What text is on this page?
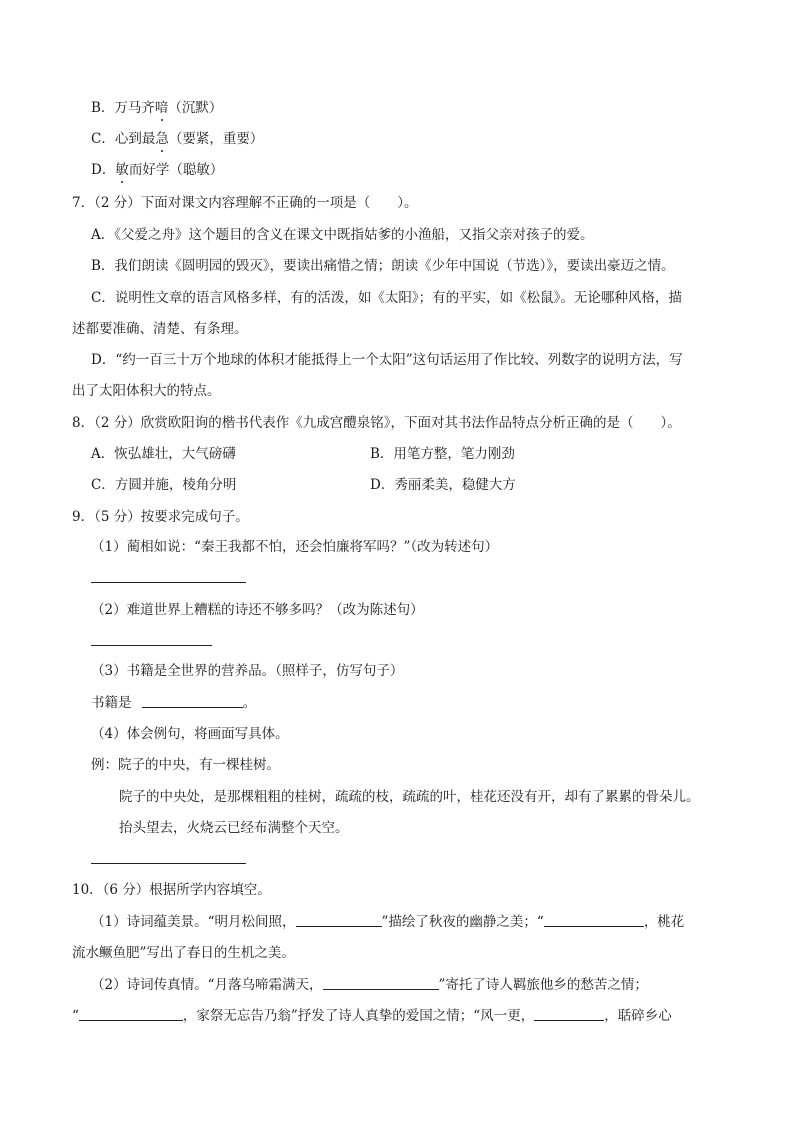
B．万马齐喑（沉默）
C．心到最急（要紧，重要）
D．敏而好学（聪敏）
7．（2 分）下面对课文内容理解不正确的一项是（　　）。
A．《父爱之舟》这个题目的含义在课文中既指姑爹的小渔船，又指父亲对孩子的爱。
B．我们朗读《圆明园的毁灭》，要读出痛惜之情；朗读《少年中国说（节选）》，要读出豪迈之情。
C．说明性文章的语言风格多样，有的活泼，如《太阳》；有的平实，如《松鼠》。无论哪种风格，描
述都要准确、清楚、有条理。
D．“约一百三十万个地球的体积才能抵得上一个太阳”这句话运用了作比较、列数字的说明方法，写
出了太阳体积大的特点。
8．（2 分）欣赏欧阳询的楷书代表作《九成宫醴泉铭》，下面对其书法作品特点分析正确的是（　　）。
A．恢弘雄壮，大气磅礴	B．用笔方整，笔力刚劲
C．方圆并施，棱角分明	D．秀丽柔美，稳健大方
9．（5 分）按要求完成句子。
（1）蔺相如说：“秦王我都不怕，还会怕廉将军吗？”（改为转述句）
（2）难道世界上糟糕的诗还不够多吗？（改为陈述句）
（3）书籍是全世界的营养品。（照样子，仿写句子）
书籍是	。
（4）体会例句，将画面写具体。
例：院子的中央，有一棵桂树。
院子的中央处，是那棵粗粗的桂树，疏疏的枝，疏疏的叶，桂花还没有开，却有了累累的骨朵儿。
抬头望去，火烧云已经布满整个天空。
10．（6 分）根据所学内容填空。
（1）诗词蕴美景。“明月松间照，	”描绘了秋夜的幽静之美；“	，桃花
流水鳜鱼肥”写出了春日的生机之美。
（2）诗词传真情。“月落乌啼霜满天，	”寄托了诗人羁旅他乡的愁苦之情；
“	，家祭无忘告乃翁”抒发了诗人真挚的爱国之情；“风一更，	，聒碎乡心
